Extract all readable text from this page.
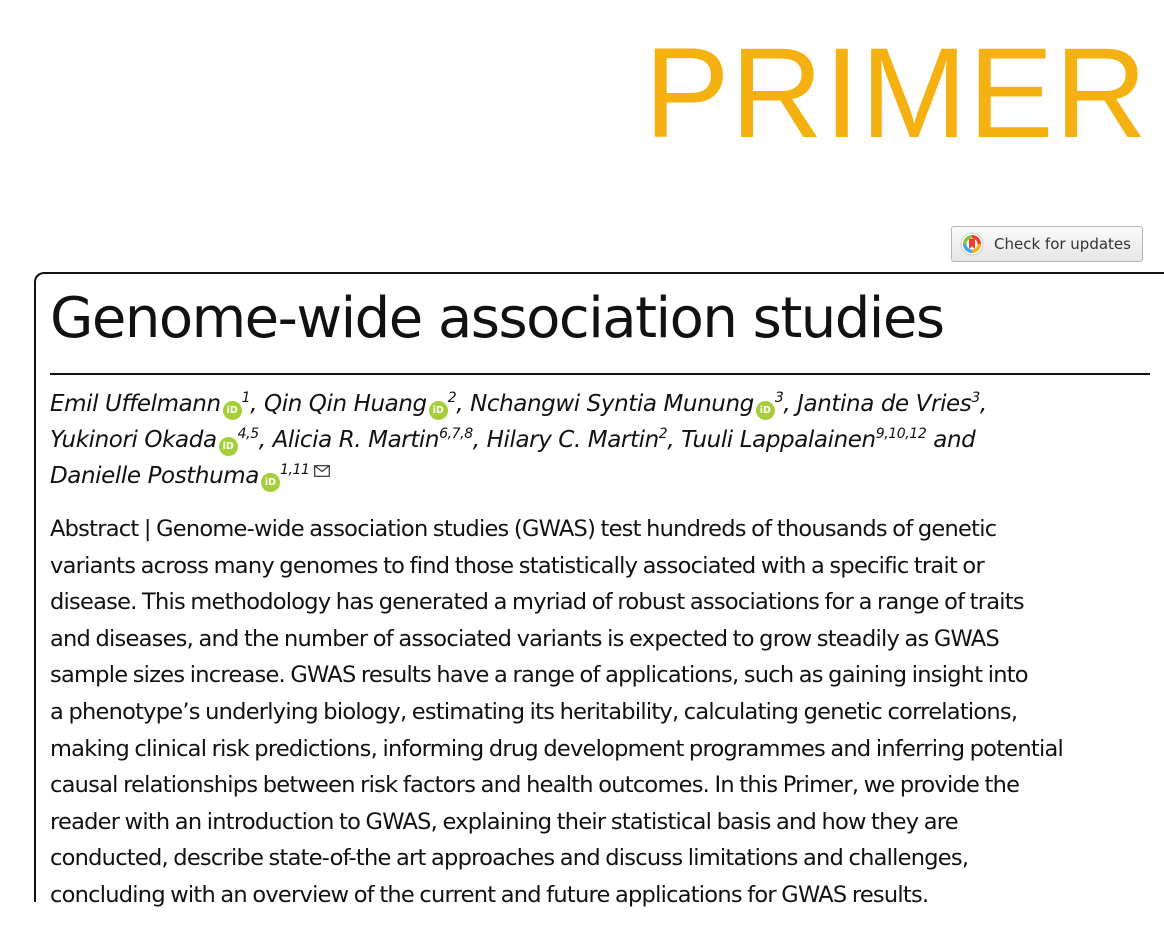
PRIMER
Check for updates
Genome-wide association studies
Emil Uffelmann iD$^1$, Qin Qin Huang iD$^2$, Nchangwi Syntia Munung iD$^3$, Jantina de Vries$^3$,
Yukinori Okada iD$^{4,5}$, Alicia R. Martin$^{6,7,8}$, Hilary C. Martin$^2$, Tuuli Lappalainen$^{9,10,12}$ and
Danielle Posthuma iD$^{1,11}$
Abstract | Genome-wide association studies (GWAS) test hundreds of thousands of genetic
variants across many genomes to find those statistically associated with a specific trait or
disease. This methodology has generated a myriad of robust associations for a range of traits
and diseases, and the number of associated variants is expected to grow steadily as GWAS
sample sizes increase. GWAS results have a range of applications, such as gaining insight into
a phenotype’s underlying biology, estimating its heritability, calculating genetic correlations,
making clinical risk predictions, informing drug development programmes and inferring potential
causal relationships between risk factors and health outcomes. In this Primer, we provide the
reader with an introduction to GWAS, explaining their statistical basis and how they are
conducted, describe state-of-the art approaches and discuss limitations and challenges,
concluding with an overview of the current and future applications for GWAS results.
